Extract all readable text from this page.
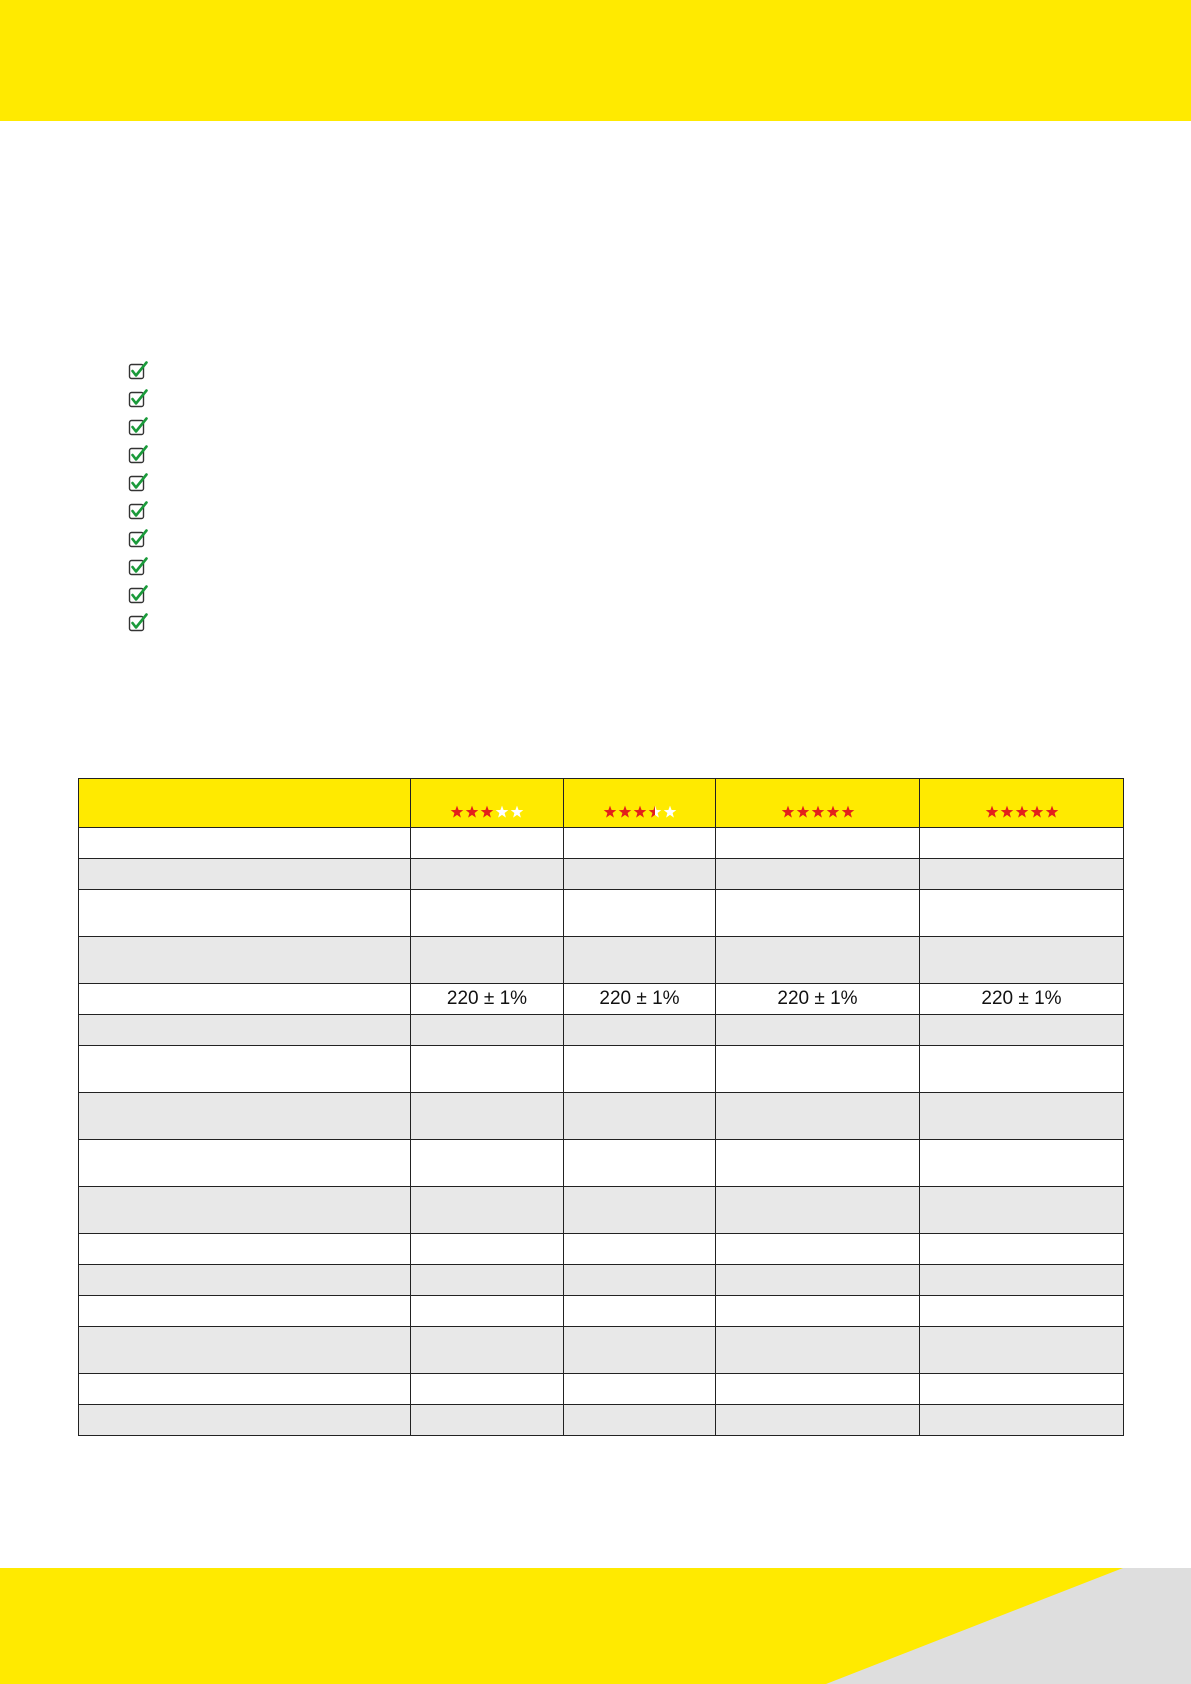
	220 ± 1%	220 ± 1%	220 ± 1%	220 ± 1%
